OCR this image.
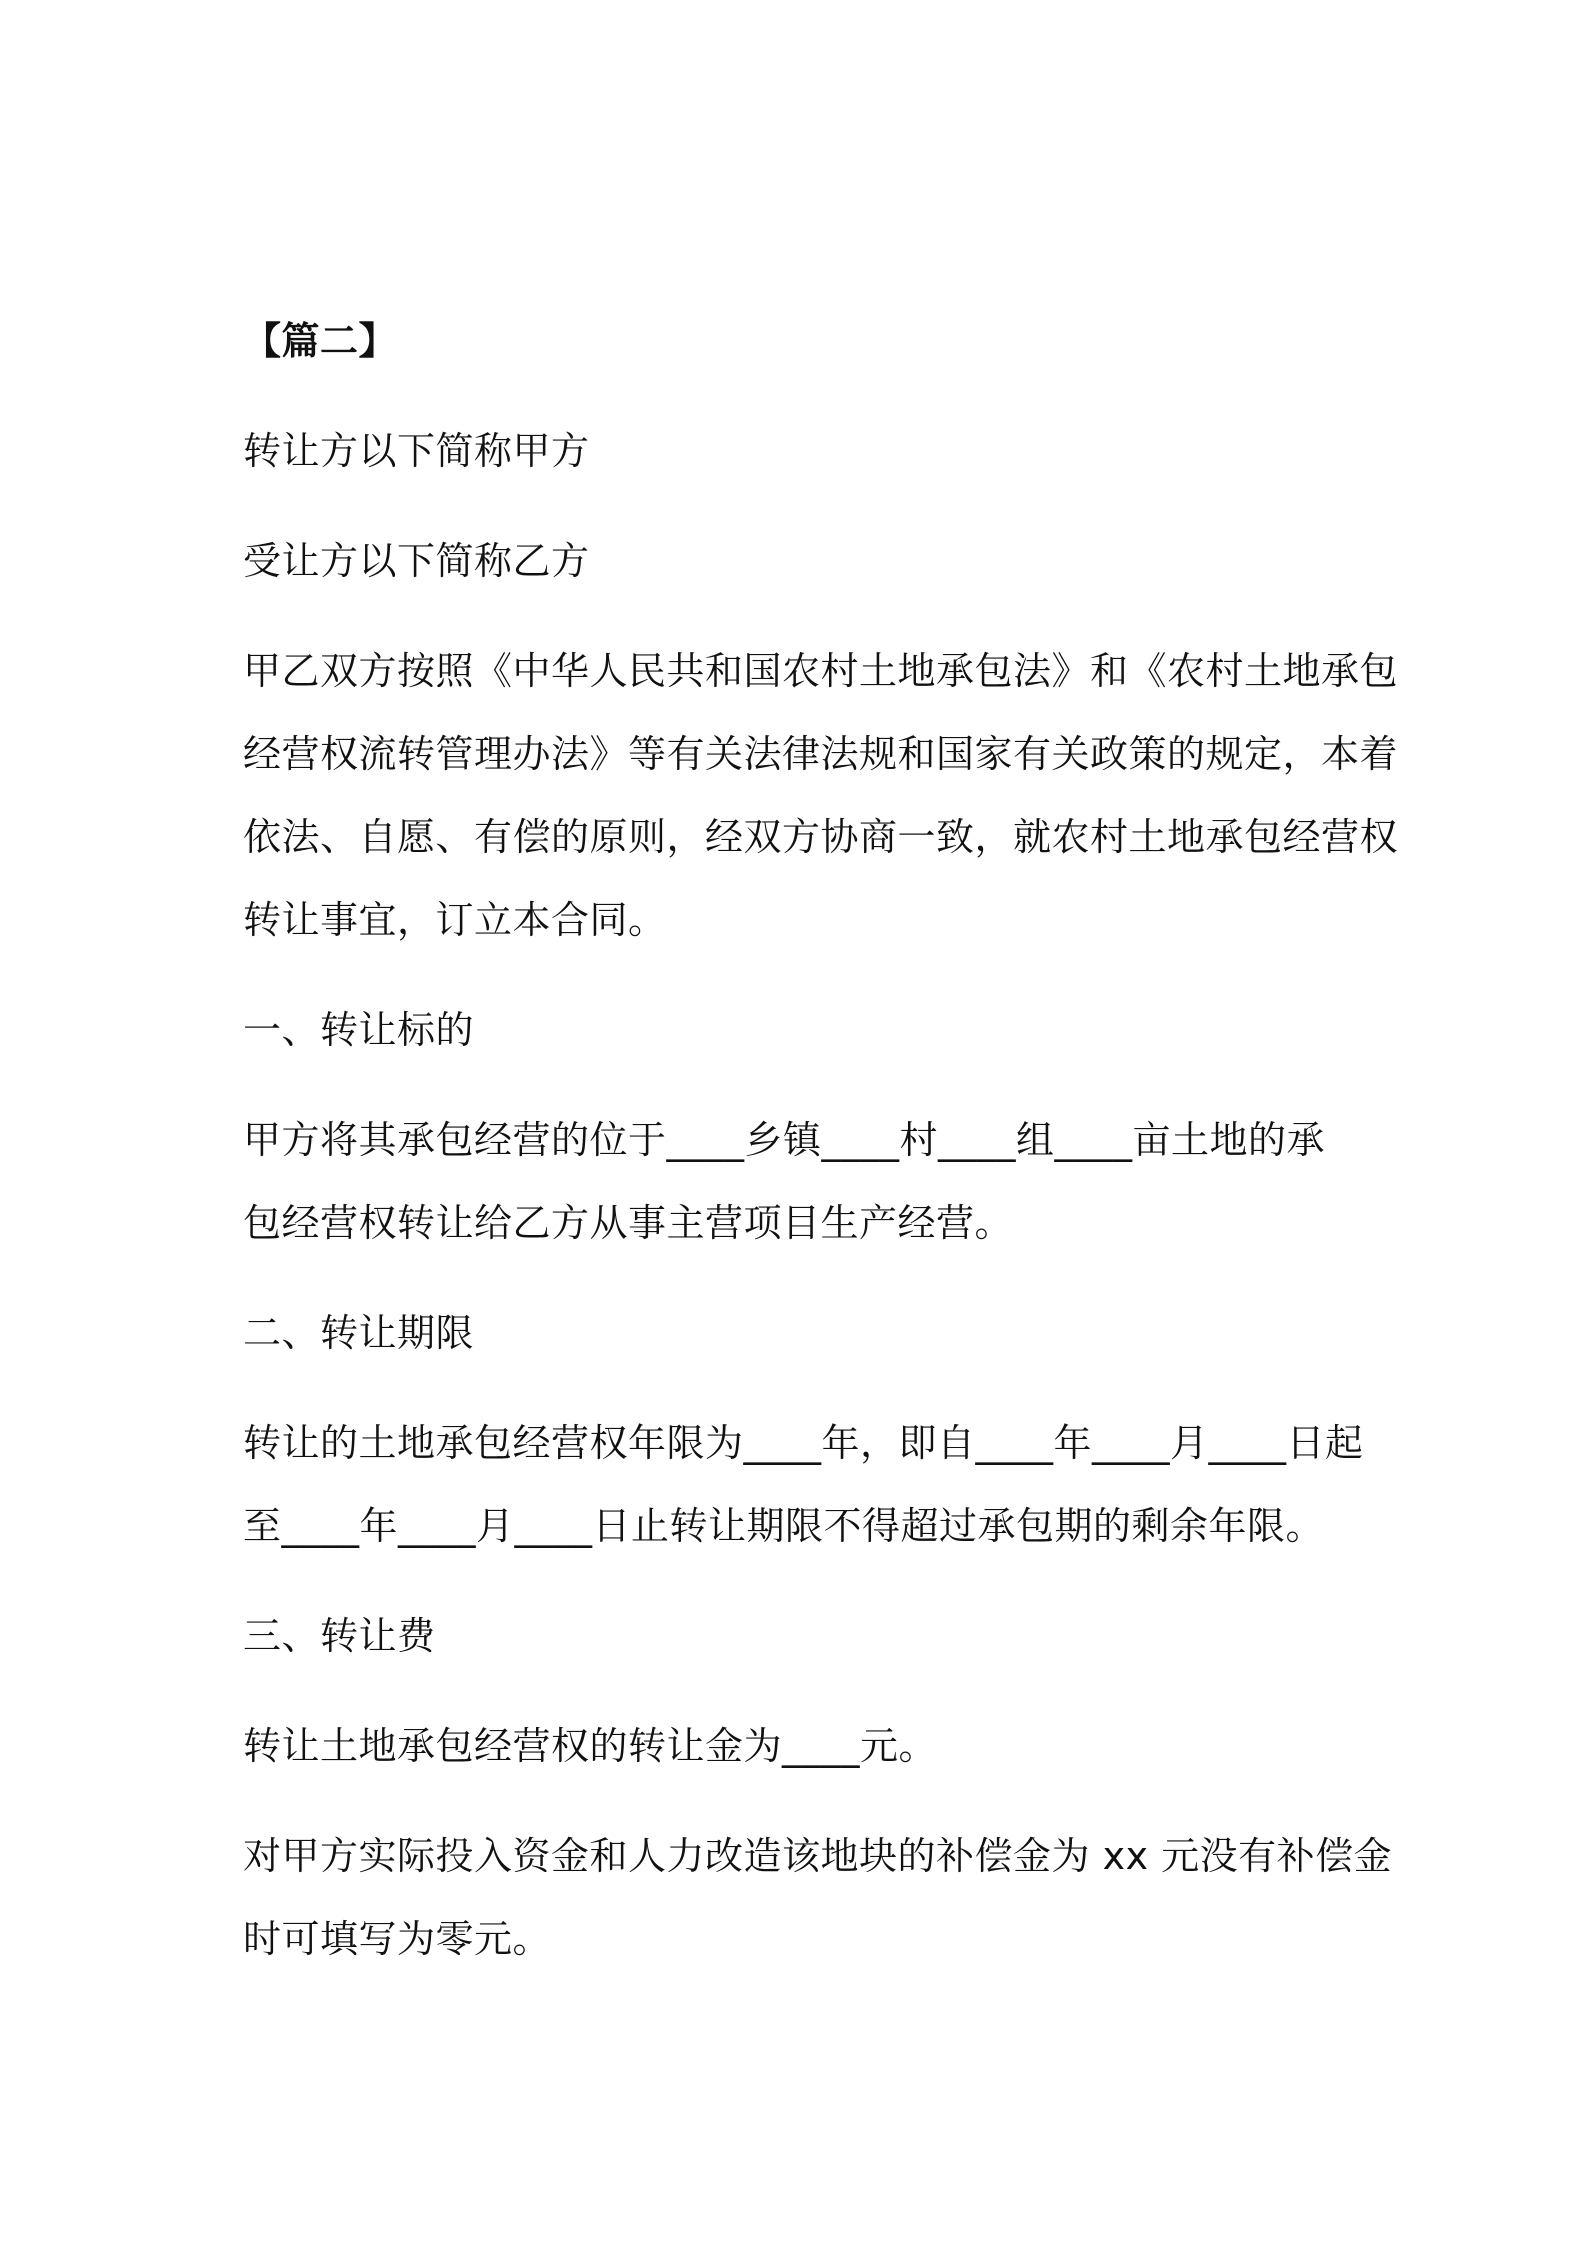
【篇二】
转让方以下简称甲方
受让方以下简称乙方
甲乙双方按照《中华人民共和国农村土地承包法》和《农村土地承包
经营权流转管理办法》等有关法律法规和国家有关政策的规定，本着
依法、自愿、有偿的原则，经双方协商一致，就农村土地承包经营权
转让事宜，订立本合同。
一、转让标的
甲方将其承包经营的位于____乡镇____村____组____亩土地的承
包经营权转让给乙方从事主营项目生产经营。
二、转让期限
转让的土地承包经营权年限为____年，即自____年____月____日起
至____年____月____日止转让期限不得超过承包期的剩余年限。
三、转让费
转让土地承包经营权的转让金为____元。
对甲方实际投入资金和人力改造该地块的补偿金为 xx 元没有补偿金
时可填写为零元。
